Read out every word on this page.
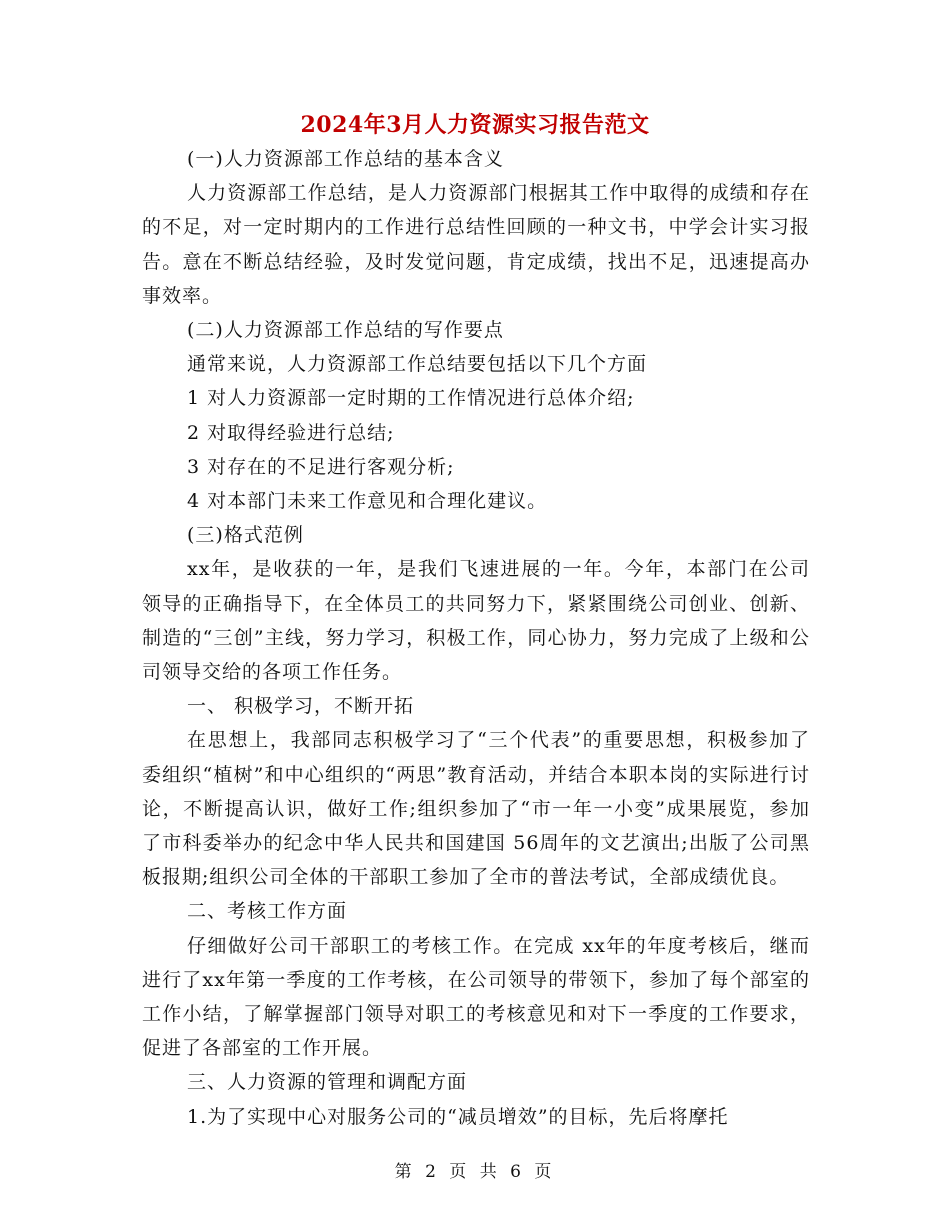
2024年3月人力资源实习报告范文

(一)人力资源部工作总结的基本含义

人力资源部工作总结，是人力资源部门根据其工作中取得的成绩和存在的不足，对一定时期内的工作进行总结性回顾的一种文书，中学会计实习报告。意在不断总结经验，及时发觉问题，肯定成绩，找出不足，迅速提高办事效率。

(二)人力资源部工作总结的写作要点

通常来说，人力资源部工作总结要包括以下几个方面

1 对人力资源部一定时期的工作情况进行总体介绍;

2 对取得经验进行总结;

3 对存在的不足进行客观分析;

4 对本部门未来工作意见和合理化建议。

(三)格式范例

xx年，是收获的一年，是我们飞速进展的一年。今年，本部门在公司领导的正确指导下，在全体员工的共同努力下，紧紧围绕公司创业、创新、制造的“三创”主线，努力学习，积极工作，同心协力，努力完成了上级和公司领导交给的各项工作任务。

一、 积极学习，不断开拓

在思想上，我部同志积极学习了“三个代表”的重要思想，积极参加了 委组织“植树”和中心组织的“两思”教育活动，并结合本职本岗的实际进行讨论，不断提高认识，做好工作;组织参加了“市一年一小变”成果展览，参加了市科委举办的纪念中华人民共和国建国 56周年的文艺演出;出版了公司黑板报期;组织公司全体的干部职工参加了全市的普法考试，全部成绩优良。

二、考核工作方面

仔细做好公司干部职工的考核工作。在完成 xx年的年度考核后，继而进行了xx年第一季度的工作考核，在公司领导的带领下，参加了每个部室的工作小结，了解掌握部门领导对职工的考核意见和对下一季度的工作要求，促进了各部室的工作开展。

三、人力资源的管理和调配方面

1.为了实现中心对服务公司的“减员增效”的目标，先后将摩托

第 2 页 共 6 页
